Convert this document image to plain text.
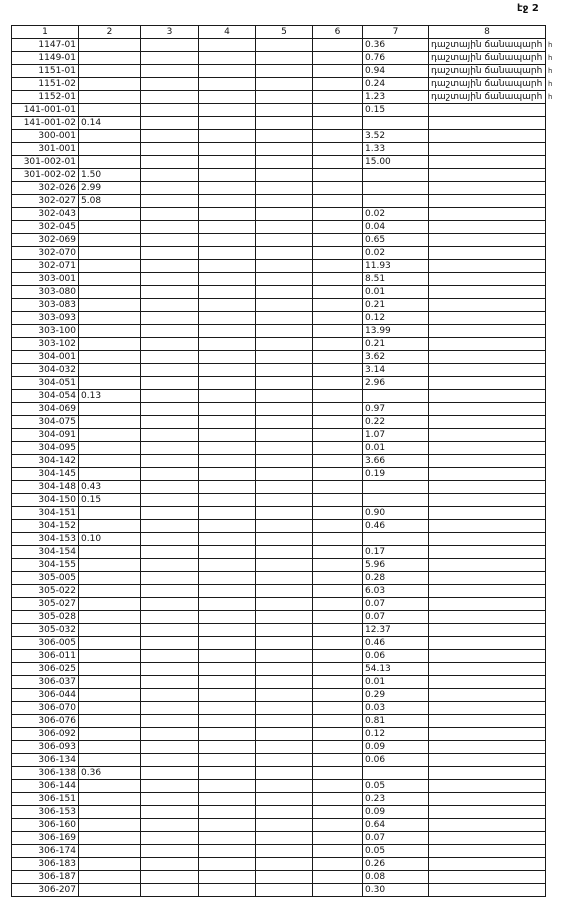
էջ 2
1	2	3	4	5	6	7	8
1147-01						0.36	դաշտային ճանապարհ
1149-01						0.76	դաշտային ճանապարհ
1151-01						0.94	դաշտային ճանապարհ
1151-02						0.24	դաշտային ճանապարհ
1152-01						1.23	դաշտային ճանապարհ
141-001-01						0.15	
141-001-02	0.14						
300-001						3.52	
301-001						1.33	
301-002-01						15.00	
301-002-02	1.50						
302-026	2.99						
302-027	5.08						
302-043						0.02	
302-045						0.04	
302-069						0.65	
302-070						0.02	
302-071						11.93	
303-001						8.51	
303-080						0.01	
303-083						0.21	
303-093						0.12	
303-100						13.99	
303-102						0.21	
304-001						3.62	
304-032						3.14	
304-051						2.96	
304-054	0.13						
304-069						0.97	
304-075						0.22	
304-091						1.07	
304-095						0.01	
304-142						3.66	
304-145						0.19	
304-148	0.43						
304-150	0.15						
304-151						0.90	
304-152						0.46	
304-153	0.10						
304-154						0.17	
304-155						5.96	
305-005						0.28	
305-022						6.03	
305-027						0.07	
305-028						0.07	
305-032						12.37	
306-005						0.46	
306-011						0.06	
306-025						54.13	
306-037						0.01	
306-044						0.29	
306-070						0.03	
306-076						0.81	
306-092						0.12	
306-093						0.09	
306-134						0.06	
306-138	0.36						
306-144						0.05	
306-151						0.23	
306-153						0.09	
306-160						0.64	
306-169						0.07	
306-174						0.05	
306-183						0.26	
306-187						0.08	
306-207						0.30	
հ
հ
հ
հ
հ
